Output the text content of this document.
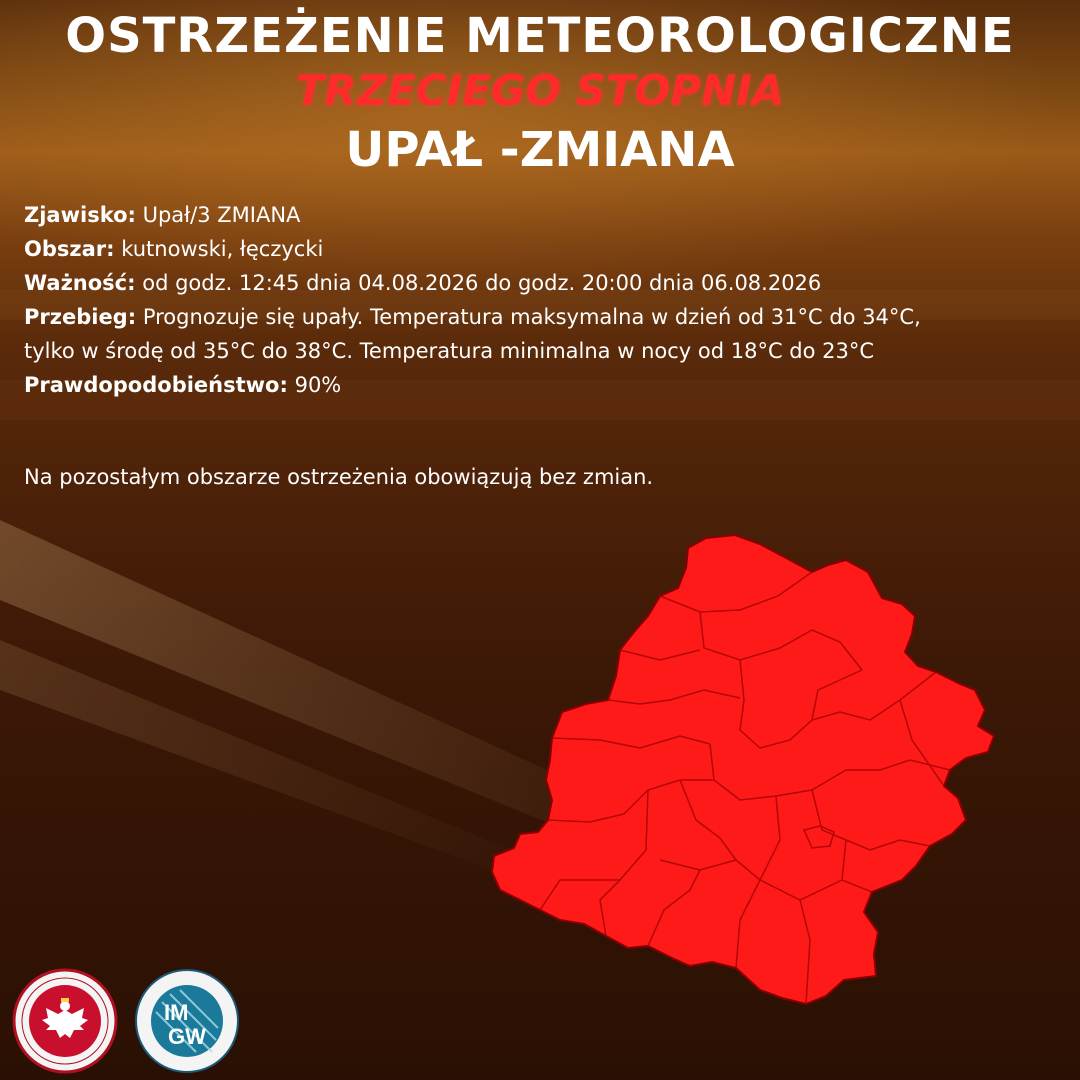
OSTRZEŻENIE METEOROLOGICZNE
TRZECIEGO STOPNIA
UPAŁ -ZMIANA

Zjawisko: Upał/3 ZMIANA

Obszar: kutnowski, łęczycki

Ważność: od godz. 12:45 dnia 04.08.2026 do godz. 20:00 dnia 06.08.2026

Przebieg: Prognozuje się upały. Temperatura maksymalna w dzień od 31°C do 34°C,

tylko w środę od 35°C do 38°C. Temperatura minimalna w nocy od 18°C do 23°C

Prawdopodobieństwo: 90%

Na pozostałym obszarze ostrzeżenia obowiązują bez zmian.

IM
GW
